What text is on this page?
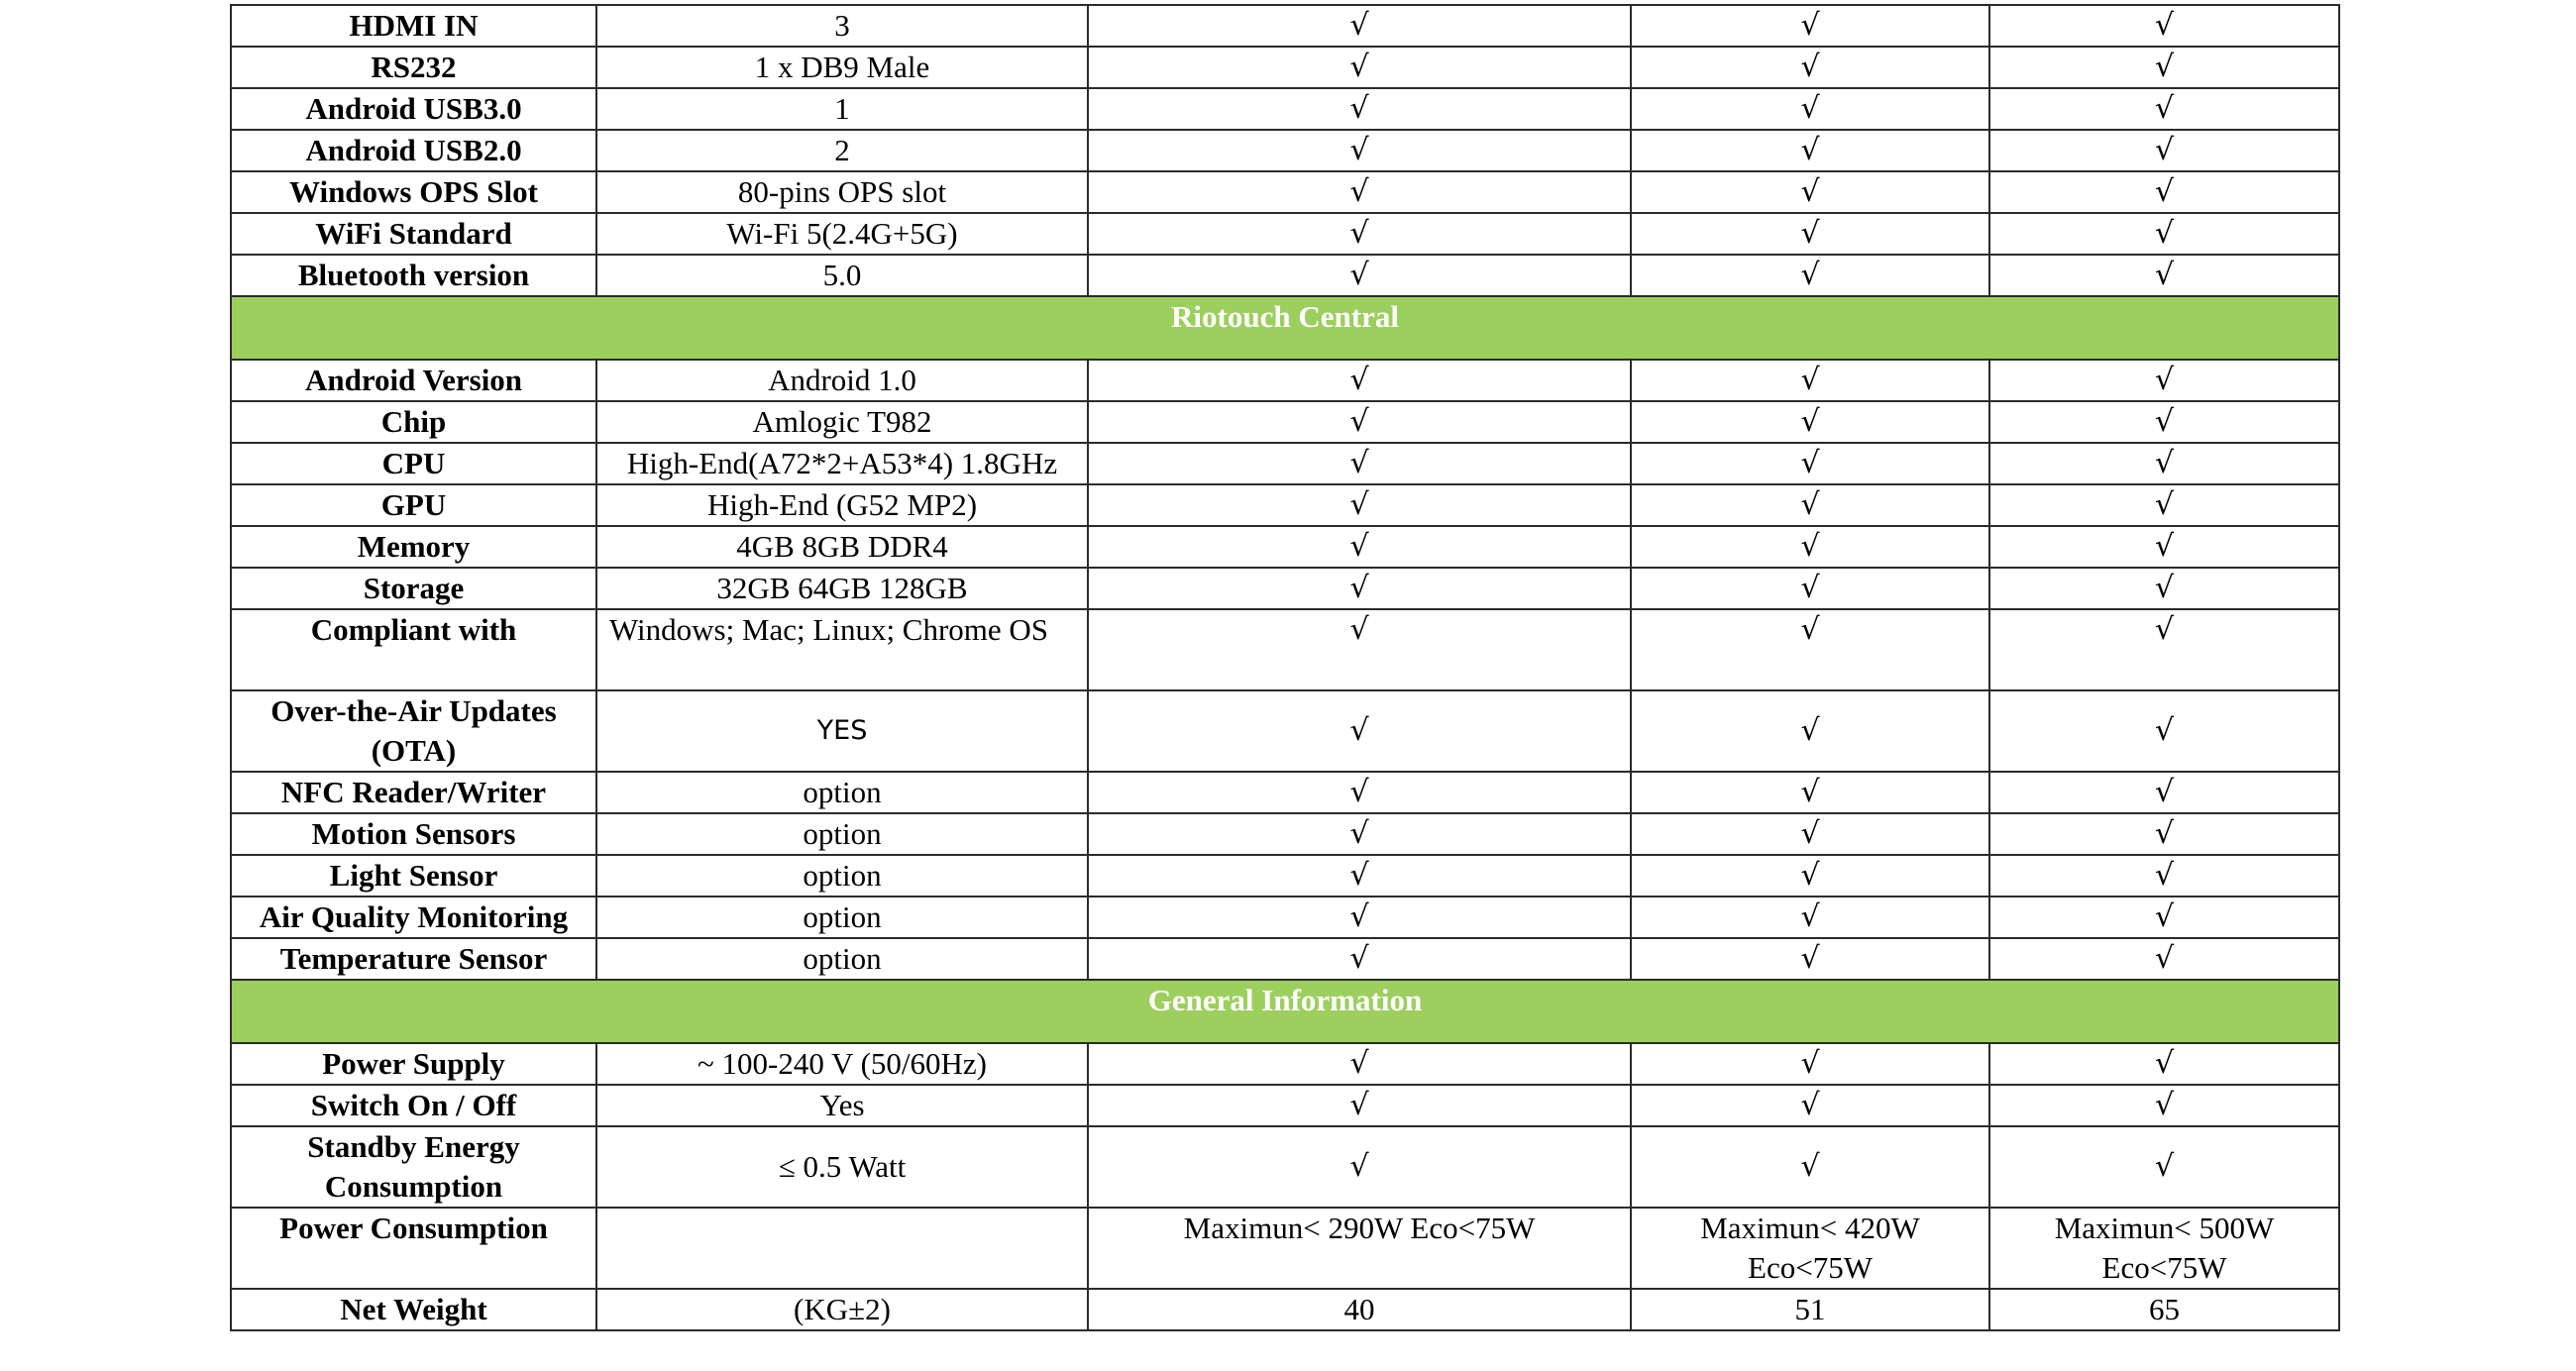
HDMI IN	3	√	√	√
RS232	1 x DB9 Male	√	√	√
Android USB3.0	1	√	√	√
Android USB2.0	2	√	√	√
Windows OPS Slot	80-pins OPS slot	√	√	√
WiFi Standard	Wi-Fi 5(2.4G+5G)	√	√	√
Bluetooth version	5.0	√	√	√
Riotouch Central				
Android Version	Android 1.0	√	√	√
Chip	Amlogic T982	√	√	√
CPU	High-End(A72*2+A53*4) 1.8GHz	√	√	√
GPU	High-End (G52 MP2)	√	√	√
Memory	4GB 8GB DDR4	√	√	√
Storage	32GB 64GB 128GB	√	√	√
Compliant with	Windows; Mac; Linux; Chrome OS	√	√	√
Over-the-Air Updates (OTA)	YES	√	√	√
NFC Reader/Writer	option	√	√	√
Motion Sensors	option	√	√	√
Light Sensor	option	√	√	√
Air Quality Monitoring	option	√	√	√
Temperature Sensor	option	√	√	√
General Information				
Power Supply	~ 100-240 V (50/60Hz)	√	√	√
Switch On / Off	Yes	√	√	√
Standby Energy Consumption	≤ 0.5 Watt	√	√	√
Power Consumption		Maximun< 290W Eco<75W	Maximun< 420W Eco<75W	Maximun< 500W Eco<75W
Net Weight	(KG±2)	40	51	65
